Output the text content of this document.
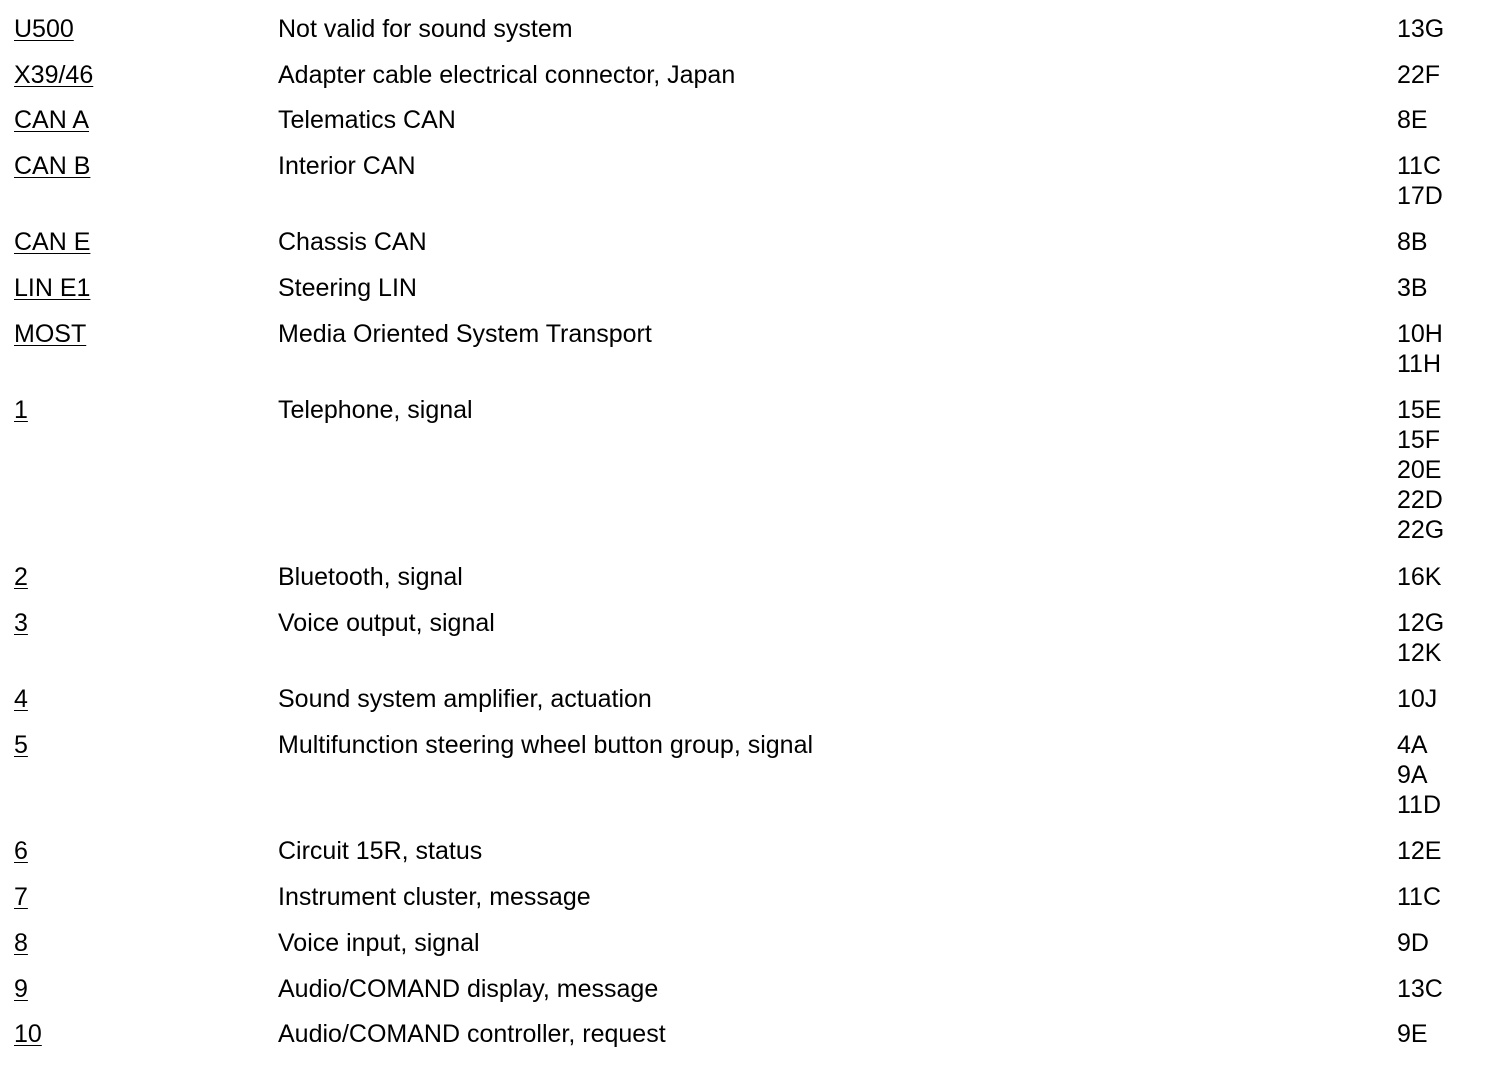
U500	Not valid for sound system	13G
X39/46	Adapter cable electrical connector, Japan	22F
CAN A	Telematics CAN	8E
CAN B	Interior CAN	11C
17D
CAN E	Chassis CAN	8B
LIN E1	Steering LIN	3B
MOST	Media Oriented System Transport	10H
11H
1	Telephone, signal	15E
15F
20E
22D
22G
2	Bluetooth, signal	16K
3	Voice output, signal	12G
12K
4	Sound system amplifier, actuation	10J
5	Multifunction steering wheel button group, signal	4A
9A
11D
6	Circuit 15R, status	12E
7	Instrument cluster, message	11C
8	Voice input, signal	9D
9	Audio/COMAND display, message	13C
10	Audio/COMAND controller, request	9E
